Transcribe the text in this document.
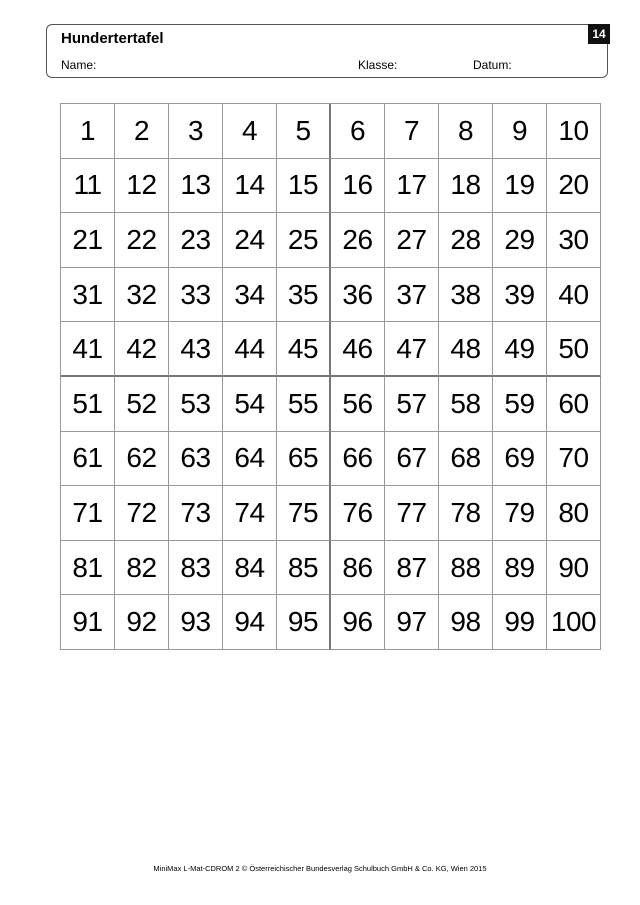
Hundertertafel
Name:	Klasse:	Datum:
14
1	2	3	4	5	6	7	8	9	10
11 12 13 14 15 16 17 18 19 20
21 22 23 24 25 26 27 28 29 30
31 32 33 34 35 36 37 38 39 40
41 42 43 44 45 46 47 48 49 50
51 52 53 54 55 56 57 58 59 60
61 62 63 64 65 66 67 68 69 70
71 72 73 74 75 76 77 78 79 80
81 82 83 84 85 86 87 88 89 90
91 92 93 94 95 96 97 98 99 100
MiniMax L-Mat-CDROM 2 © Österreichischer Bundesverlag Schulbuch GmbH & Co. KG, Wien 2015
